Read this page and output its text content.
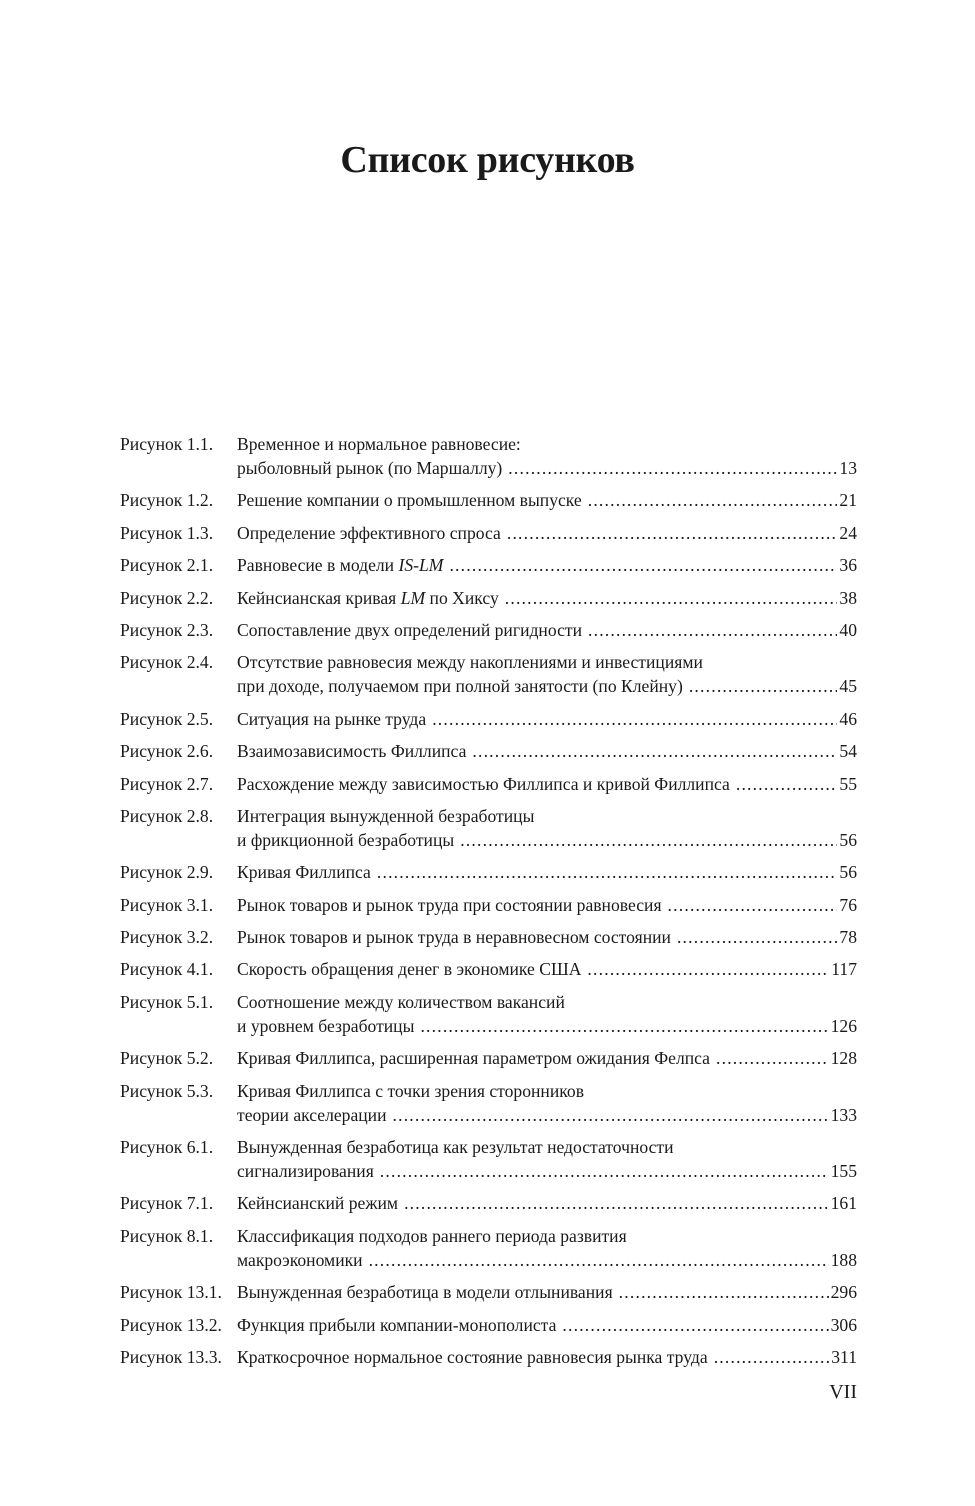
Список рисунков
Рисунок 1.1.	Временное и нормальное равновесие:
рыболовный рынок (по Маршаллу) .....	13
Рисунок 1.2.	Решение компании о промышленном выпуске .....	21
Рисунок 1.3.	Определение эффективного спроса .....	24
Рисунок 2.1.	Равновесие в модели IS-LM .....	36
Рисунок 2.2.	Кейнсианская кривая LM по Хиксу .....	38
Рисунок 2.3.	Сопоставление двух определений ригидности .....	40
Рисунок 2.4.	Отсутствие равновесия между накоплениями и инвестициями
при доходе, получаемом при полной занятости (по Клейну) .....	45
Рисунок 2.5.	Ситуация на рынке труда .....	46
Рисунок 2.6.	Взаимозависимость Филлипса .....	54
Рисунок 2.7.	Расхождение между зависимостью Филлипса и кривой Филлипса .....	55
Рисунок 2.8.	Интеграция вынужденной безработицы
и фрикционной безработицы .....	56
Рисунок 2.9.	Кривая Филлипса .....	56
Рисунок 3.1.	Рынок товаров и рынок труда при состоянии равновесия .....	76
Рисунок 3.2.	Рынок товаров и рынок труда в неравновесном состоянии .....	78
Рисунок 4.1.	Скорость обращения денег в экономике США .....	117
Рисунок 5.1.	Соотношение между количеством вакансий
и уровнем безработицы .....	126
Рисунок 5.2.	Кривая Филлипса, расширенная параметром ожидания Фелпса .....	128
Рисунок 5.3.	Кривая Филлипса с точки зрения сторонников
теории акселерации .....	133
Рисунок 6.1.	Вынужденная безработица как результат недостаточности
сигнализирования .....	155
Рисунок 7.1.	Кейнсианский режим .....	161
Рисунок 8.1.	Классификация подходов раннего периода развития
макроэкономики .....	188
Рисунок 13.1. Вынужденная безработица в модели отлынивания .....	296
Рисунок 13.2. Функция прибыли компании-монополиста .....	306
Рисунок 13.3. Краткосрочное нормальное состояние равновесия рынка труда .....	311
VII
